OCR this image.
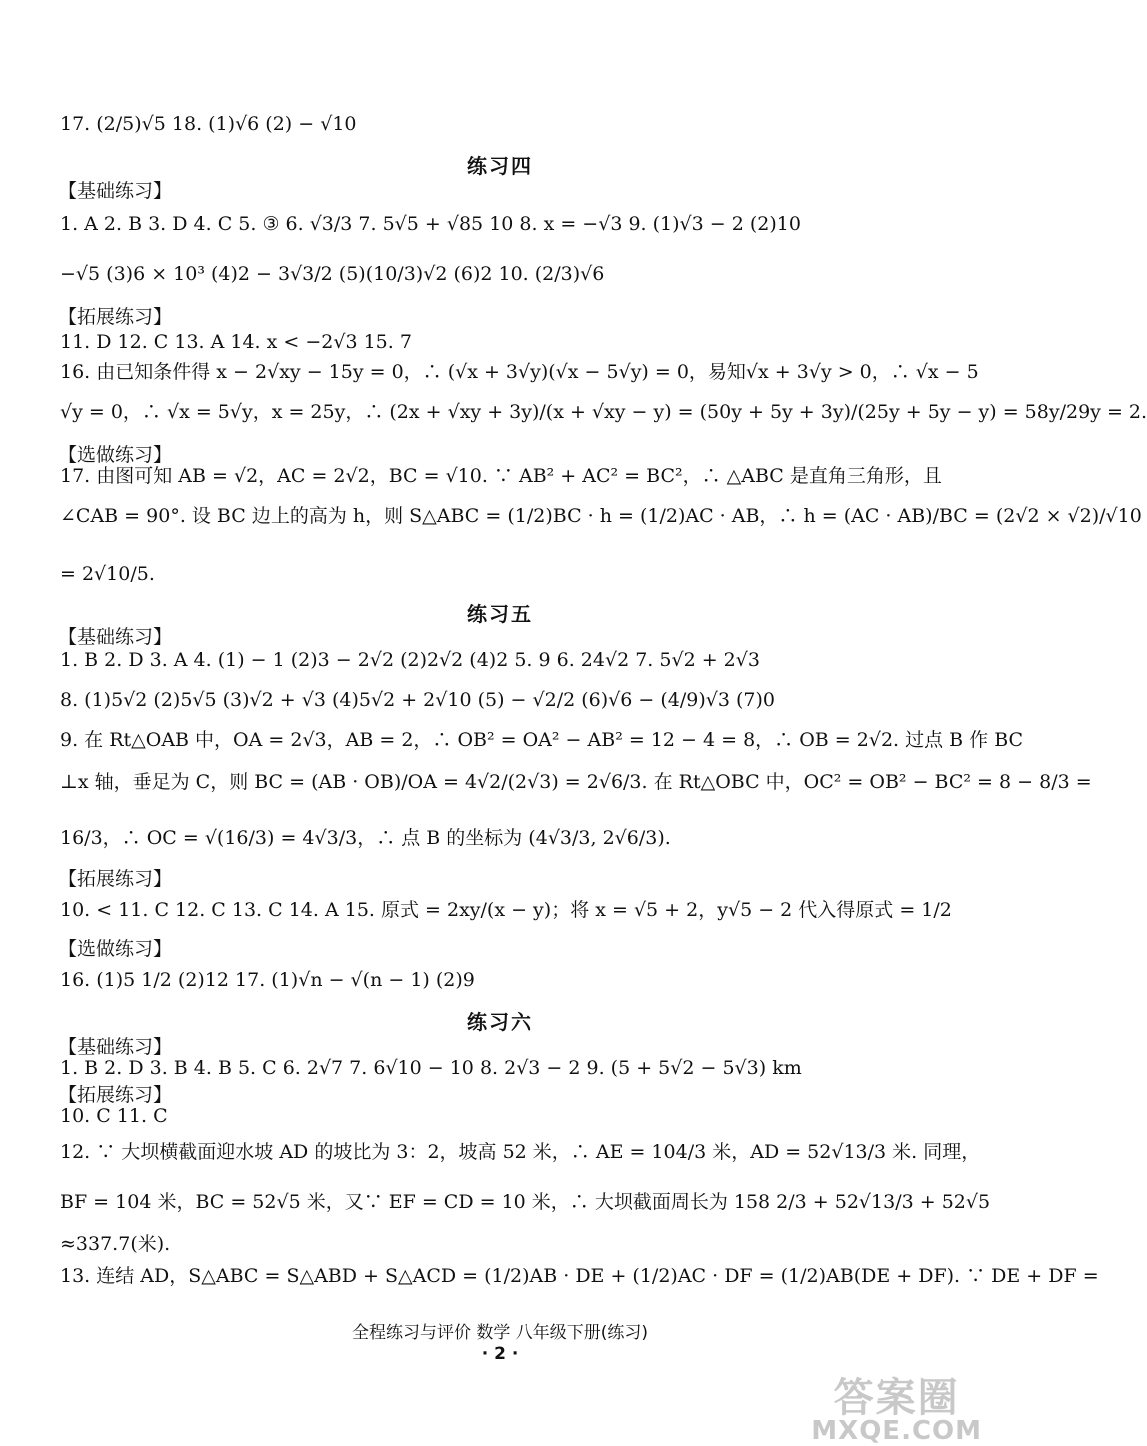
17. (2/5)√5 18. (1)√6 (2) − √10
练习四
【基础练习】
1. A 2. B 3. D 4. C 5. ③ 6. √3/3 7. 5√5 + √85 10 8. x = −√3 9. (1)√3 − 2 (2)10
−√5 (3)6 × 10³ (4)2 − 3√3/2 (5)(10/3)√2 (6)2 10. (2/3)√6
【拓展练习】
11. D 12. C 13. A 14. x < −2√3 15. 7
16. 由已知条件得 x − 2√xy − 15y = 0，∴ (√x + 3√y)(√x − 5√y) = 0，易知√x + 3√y > 0，∴ √x − 5
√y = 0，∴ √x = 5√y，x = 25y，∴ (2x + √xy + 3y)/(x + √xy − y) = (50y + 5y + 3y)/(25y + 5y − y) = 58y/29y = 2.
【选做练习】
17. 由图可知 AB = √2，AC = 2√2，BC = √10. ∵ AB² + AC² = BC²，∴ △ABC 是直角三角形，且
∠CAB = 90°. 设 BC 边上的高为 h，则 S△ABC = (1/2)BC · h = (1/2)AC · AB，∴ h = (AC · AB)/BC = (2√2 × √2)/√10
= 2√10/5.
练习五
【基础练习】
1. B 2. D 3. A 4. (1) − 1 (2)3 − 2√2 (2)2√2 (4)2 5. 9 6. 24√2 7. 5√2 + 2√3
8. (1)5√2 (2)5√5 (3)√2 + √3 (4)5√2 + 2√10 (5) − √2/2 (6)√6 − (4/9)√3 (7)0
9. 在 Rt△OAB 中，OA = 2√3，AB = 2，∴ OB² = OA² − AB² = 12 − 4 = 8，∴ OB = 2√2. 过点 B 作 BC
⊥x 轴，垂足为 C，则 BC = (AB · OB)/OA = 4√2/(2√3) = 2√6/3. 在 Rt△OBC 中，OC² = OB² − BC² = 8 − 8/3 =
16/3，∴ OC = √(16/3) = 4√3/3，∴ 点 B 的坐标为 (4√3/3, 2√6/3).
【拓展练习】
10. < 11. C 12. C 13. C 14. A 15. 原式 = 2xy/(x − y)；将 x = √5 + 2，y√5 − 2 代入得原式 = 1/2
【选做练习】
16. (1)5 1/2 (2)12 17. (1)√n − √(n − 1) (2)9
练习六
【基础练习】
1. B 2. D 3. B 4. B 5. C 6. 2√7 7. 6√10 − 10 8. 2√3 − 2 9. (5 + 5√2 − 5√3) km
【拓展练习】
10. C 11. C
12. ∵ 大坝横截面迎水坡 AD 的坡比为 3：2，坡高 52 米，∴ AE = 104/3 米，AD = 52√13/3 米. 同理，
BF = 104 米，BC = 52√5 米，又∵ EF = CD = 10 米，∴ 大坝截面周长为 158 2/3 + 52√13/3 + 52√5
≈337.7(米).
13. 连结 AD，S△ABC = S△ABD + S△ACD = (1/2)AB · DE + (1/2)AC · DF = (1/2)AB(DE + DF). ∵ DE + DF =
全程练习与评价 数学 八年级下册(练习)
· 2 ·
答案圈
MXQE.COM
